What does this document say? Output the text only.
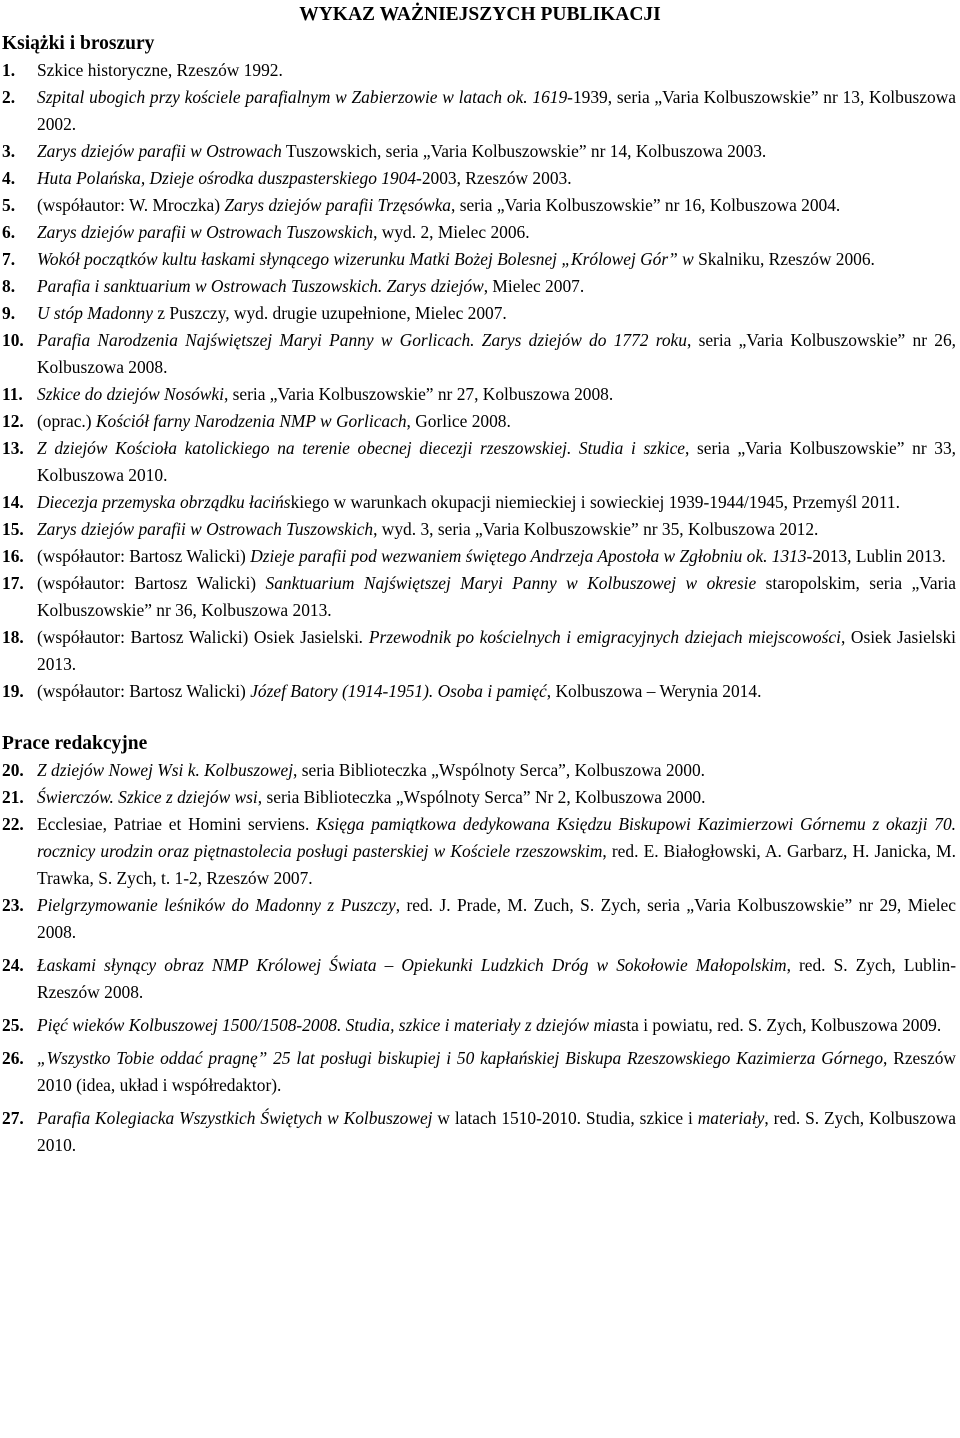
WYKAZ WAŻNIEJSZYCH PUBLIKACJI
Książki i broszury
1. Szkice historyczne, Rzeszów 1992.
2. Szpital ubogich przy kościele parafialnym w Zabierzowie w latach ok. 1619-1939, seria „Varia Kolbuszowskie” nr 13, Kolbuszowa 2002.
3. Zarys dziejów parafii w Ostrowach Tuszowskich, seria „Varia Kolbuszowskie” nr 14, Kolbuszowa 2003.
4. Huta Polańska, Dzieje ośrodka duszpasterskiego 1904-2003, Rzeszów 2003.
5. (współautor: W. Mroczka) Zarys dziejów parafii Trzęsówka, seria „Varia Kolbuszowskie” nr 16, Kolbuszowa 2004.
6. Zarys dziejów parafii w Ostrowach Tuszowskich, wyd. 2, Mielec 2006.
7. Wokół początków kultu łaskami słynącego wizerunku Matki Bożej Bolesnej „Królowej Gór” w Skalniku, Rzeszów 2006.
8. Parafia i sanktuarium w Ostrowach Tuszowskich. Zarys dziejów, Mielec 2007.
9. U stóp Madonny z Puszczy, wyd. drugie uzupełnione, Mielec 2007.
10. Parafia Narodzenia Najświętszej Maryi Panny w Gorlicach. Zarys dziejów do 1772 roku, seria „Varia Kolbuszowskie” nr 26, Kolbuszowa 2008.
11. Szkice do dziejów Nosówki, seria „Varia Kolbuszowskie” nr 27, Kolbuszowa 2008.
12. (oprac.) Kościół farny Narodzenia NMP w Gorlicach, Gorlice 2008.
13. Z dziejów Kościoła katolickiego na terenie obecnej diecezji rzeszowskiej. Studia i szkice, seria „Varia Kolbuszowskie” nr 33, Kolbuszowa 2010.
14. Diecezja przemyska obrządku łacińskiego w warunkach okupacji niemieckiej i sowieckiej 1939-1944/1945, Przemyśl 2011.
15. Zarys dziejów parafii w Ostrowach Tuszowskich, wyd. 3, seria „Varia Kolbuszowskie” nr 35, Kolbuszowa 2012.
16. (współautor: Bartosz Walicki) Dzieje parafii pod wezwaniem świętego Andrzeja Apostoła w Zgłobniu ok. 1313-2013, Lublin 2013.
17. (współautor: Bartosz Walicki) Sanktuarium Najświętszej Maryi Panny w Kolbuszowej w okresie staropolskim, seria „Varia Kolbuszowskie” nr 36, Kolbuszowa 2013.
18. (współautor: Bartosz Walicki) Osiek Jasielski. Przewodnik po kościelnych i emigracyjnych dziejach miejscowości, Osiek Jasielski 2013.
19. (współautor: Bartosz Walicki) Józef Batory (1914-1951). Osoba i pamięć, Kolbuszowa – Werynia 2014.
Prace redakcyjne
20. Z dziejów Nowej Wsi k. Kolbuszowej, seria Biblioteczka „Wspólnoty Serca”, Kolbuszowa 2000.
21. Świerczów. Szkice z dziejów wsi, seria Biblioteczka „Wspólnoty Serca” Nr 2, Kolbuszowa 2000.
22. Ecclesiae, Patriae et Homini serviens. Księga pamiątkowa dedykowana Księdzu Biskupowi Kazimierzowi Górnemu z okazji 70. rocznicy urodzin oraz piętnastolecia posługi pasterskiej w Kościele rzeszowskim, red. E. Białogłowski, A. Garbarz, H. Janicka, M. Trawka, S. Zych, t. 1-2, Rzeszów 2007.
23. Pielgrzymowanie leśników do Madonny z Puszczy, red. J. Prade, M. Zuch, S. Zych, seria „Varia Kolbuszowskie” nr 29, Mielec 2008.
24. Łaskami słynący obraz NMP Królowej Świata – Opiekunki Ludzkich Dróg w Sokołowie Małopolskim, red. S. Zych, Lublin-Rzeszów 2008.
25. Pięć wieków Kolbuszowej 1500/1508-2008. Studia, szkice i materiały z dziejów miasta i powiatu, red. S. Zych, Kolbuszowa 2009.
26. „Wszystko Tobie oddać pragnę” 25 lat posługi biskupiej i 50 kapłańskiej Biskupa Rzeszowskiego Kazimierza Górnego, Rzeszów 2010 (idea, układ i współredaktor).
27. Parafia Kolegiacka Wszystkich Świętych w Kolbuszowej w latach 1510-2010. Studia, szkice i materiały, red. S. Zych, Kolbuszowa 2010.
